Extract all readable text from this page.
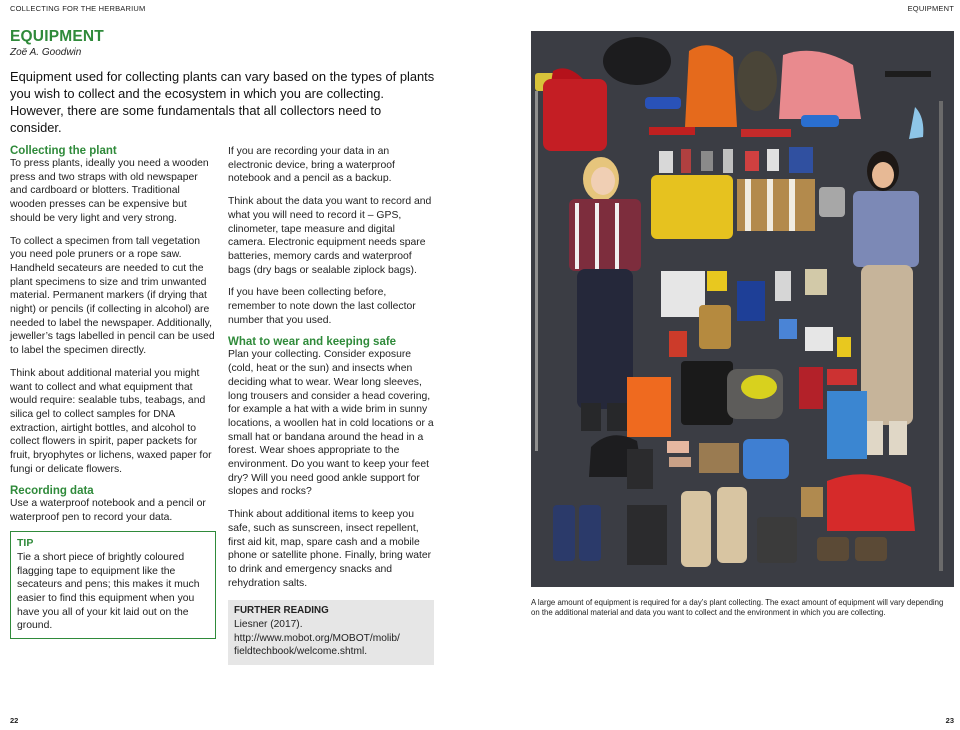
COLLECTING FOR THE HERBARIUM	EQUIPMENT
EQUIPMENT
Zoë A. Goodwin

Equipment used for collecting plants can vary based on the types of plants you wish to collect and the ecosystem in which you are collecting. However, there are some fundamentals that all collectors need to consider.

Collecting the plant

To press plants, ideally you need a wooden press and two straps with old newspaper and cardboard or blotters. Traditional wooden presses can be expensive but should be very light and very strong.

To collect a specimen from tall vegetation you need pole pruners or a rope saw. Handheld secateurs are needed to cut the plant specimens to size and trim unwanted material. Permanent markers (if drying that night) or pencils (if collecting in alcohol) are needed to label the newspaper. Additionally, jeweller’s tags labelled in pencil can be used to label the specimen directly.

Think about additional material you might want to collect and what equipment that would require: sealable tubs, teabags, and silica gel to collect samples for DNA extraction, airtight bottles, and alcohol to collect flowers in spirit, paper packets for fruit, bryophytes or lichens, waxed paper for fungi or delicate flowers.

Recording data

Use a waterproof notebook and a pencil or waterproof pen to record your data.

TIP

Tie a short piece of brightly coloured flagging tape to equipment like the secateurs and pens; this makes it much easier to find this equipment when you have you all of your kit laid out on the ground.

If you are recording your data in an electronic device, bring a waterproof notebook and a pencil as a backup.

Think about the data you want to record and what you will need to record it – GPS, clinometer, tape measure and digital camera. Electronic equipment needs spare batteries, memory cards and waterproof bags (dry bags or sealable ziplock bags).

If you have been collecting before, remember to note down the last collector number that you used.

What to wear and keeping safe

Plan your collecting. Consider exposure (cold, heat or the sun) and insects when deciding what to wear. Wear long sleeves, long trousers and consider a head covering, for example a hat with a wide brim in sunny locations, a woollen hat in cold locations or a small hat or bandana around the head in a forest. Wear shoes appropriate to the environment. Do you want to keep your feet dry? Will you need good ankle support for slopes and rocks?

Think about additional items to keep you safe, such as sunscreen, insect repellent, first aid kit, map, spare cash and a mobile phone or satellite phone. Finally, bring water to drink and emergency snacks and rehydration salts.

FURTHER READING

Liesner (2017). http://www.mobot.org/MOBOT/molib/ fieldtechbook/welcome.shtml.

A large amount of equipment is required for a day’s plant collecting. The exact amount of equipment will vary depending on the additional material and data you want to collect and the environment in which you are collecting.
22	23
